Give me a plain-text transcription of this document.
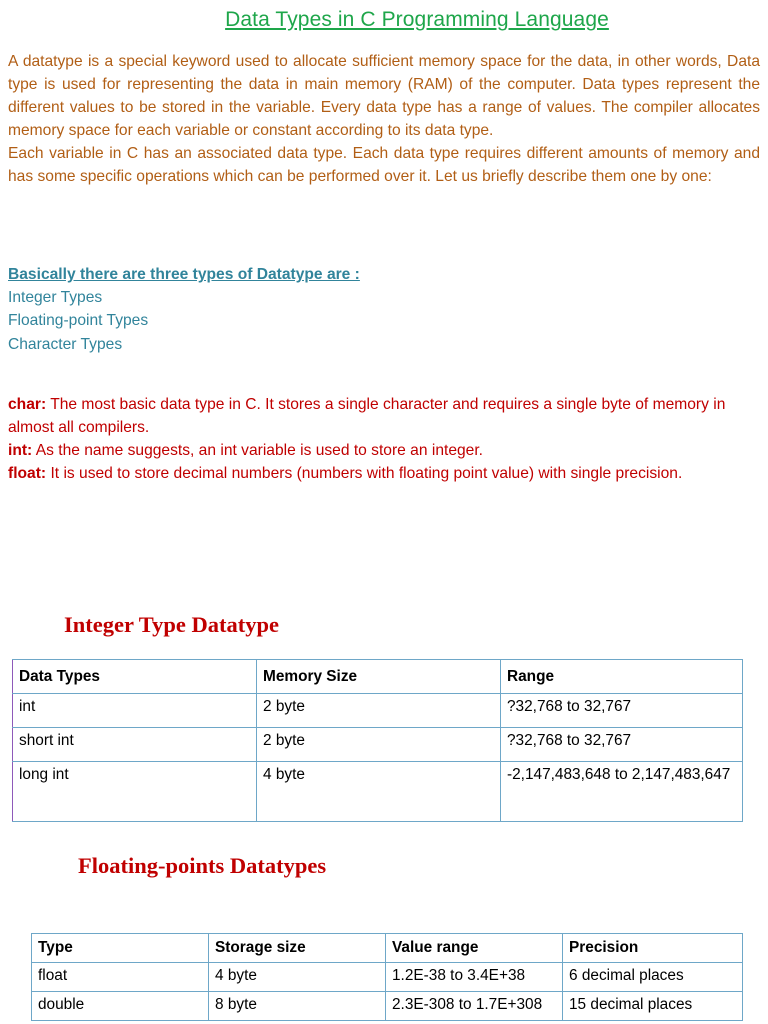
Data Types in C Programming Language

A datatype is a special keyword used to allocate sufficient memory space for the data, in other words, Data type is used for representing the data in main memory (RAM) of the computer. Data types represent the different values to be stored in the variable. Every data type has a range of values. The compiler allocates memory space for each variable or constant according to its data type.

Each variable in C has an associated data type. Each data type requires different amounts of memory and has some specific operations which can be performed over it. Let us briefly describe them one by one:

Basically there are three types of Datatype are :
Integer Types
Floating-point Types
Character Types
char: The most basic data type in C. It stores a single character and requires a single byte of memory in almost all compilers.
int: As the name suggests, an int variable is used to store an integer.
float: It is used to store decimal numbers (numbers with floating point value) with single precision.
Integer Type Datatype
Data Types	Memory Size	Range
int	2 byte	?32,768 to 32,767
short int	2 byte	?32,768 to 32,767
long int	4 byte	-2,147,483,648 to 2,147,483,647
Floating-points Datatypes
Type	Storage size	Value range	Precision
float	4 byte	1.2E-38 to 3.4E+38	6 decimal places
double	8 byte	2.3E-308 to 1.7E+308	15 decimal places
